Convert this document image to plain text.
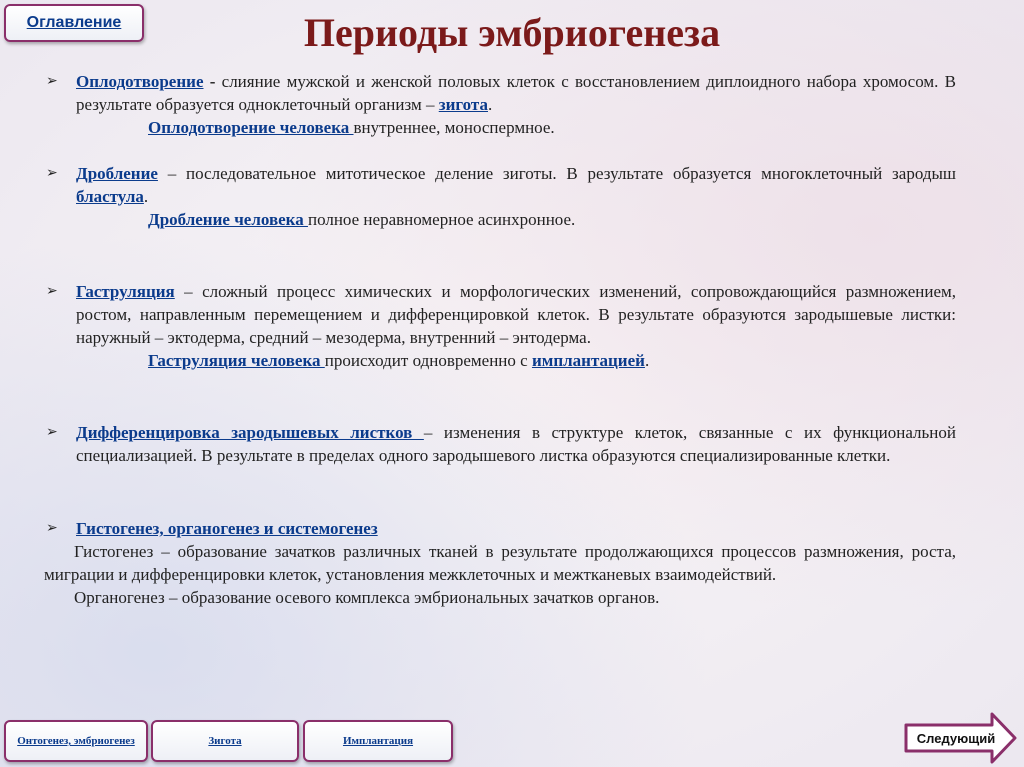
Оглавление	Периоды эмбриогенеза
➢ Оплодотворение - слияние мужской и женской половых клеток с восстановлением диплоидного набора хромосом. В результате образуется одноклеточный организм – зигота.
Оплодотворение человека внутреннее, моноспермное.
➢ Дробление – последовательное митотическое деление зиготы. В результате образуется многоклеточный зародыш бластула.
Дробление человека полное неравномерное асинхронное.
➢ Гаструляция – сложный процесс химических и морфологических изменений, сопровождающийся размножением, ростом, направленным перемещением и дифференцировкой клеток. В результате образуются зародышевые листки: наружный – эктодерма, средний – мезодерма, внутренний – энтодерма.
Гаструляция человека происходит одновременно с имплантацией.
➢ Дифференцировка зародышевых листков – изменения в структуре клеток, связанные с их функциональной специализацией. В результате в пределах одного зародышевого листка образуются специализированные клетки.
➢ Гистогенез, органогенез и системогенез
Гистогенез – образование зачатков различных тканей в результате продолжающихся процессов размножения, роста, миграции и дифференцировки клеток, установления межклеточных и межтканевых взаимодействий.
Органогенез – образование осевого комплекса эмбриональных зачатков органов.
Онтогенез, эмбриогенез	Зигота	Имплантация	Следующий
